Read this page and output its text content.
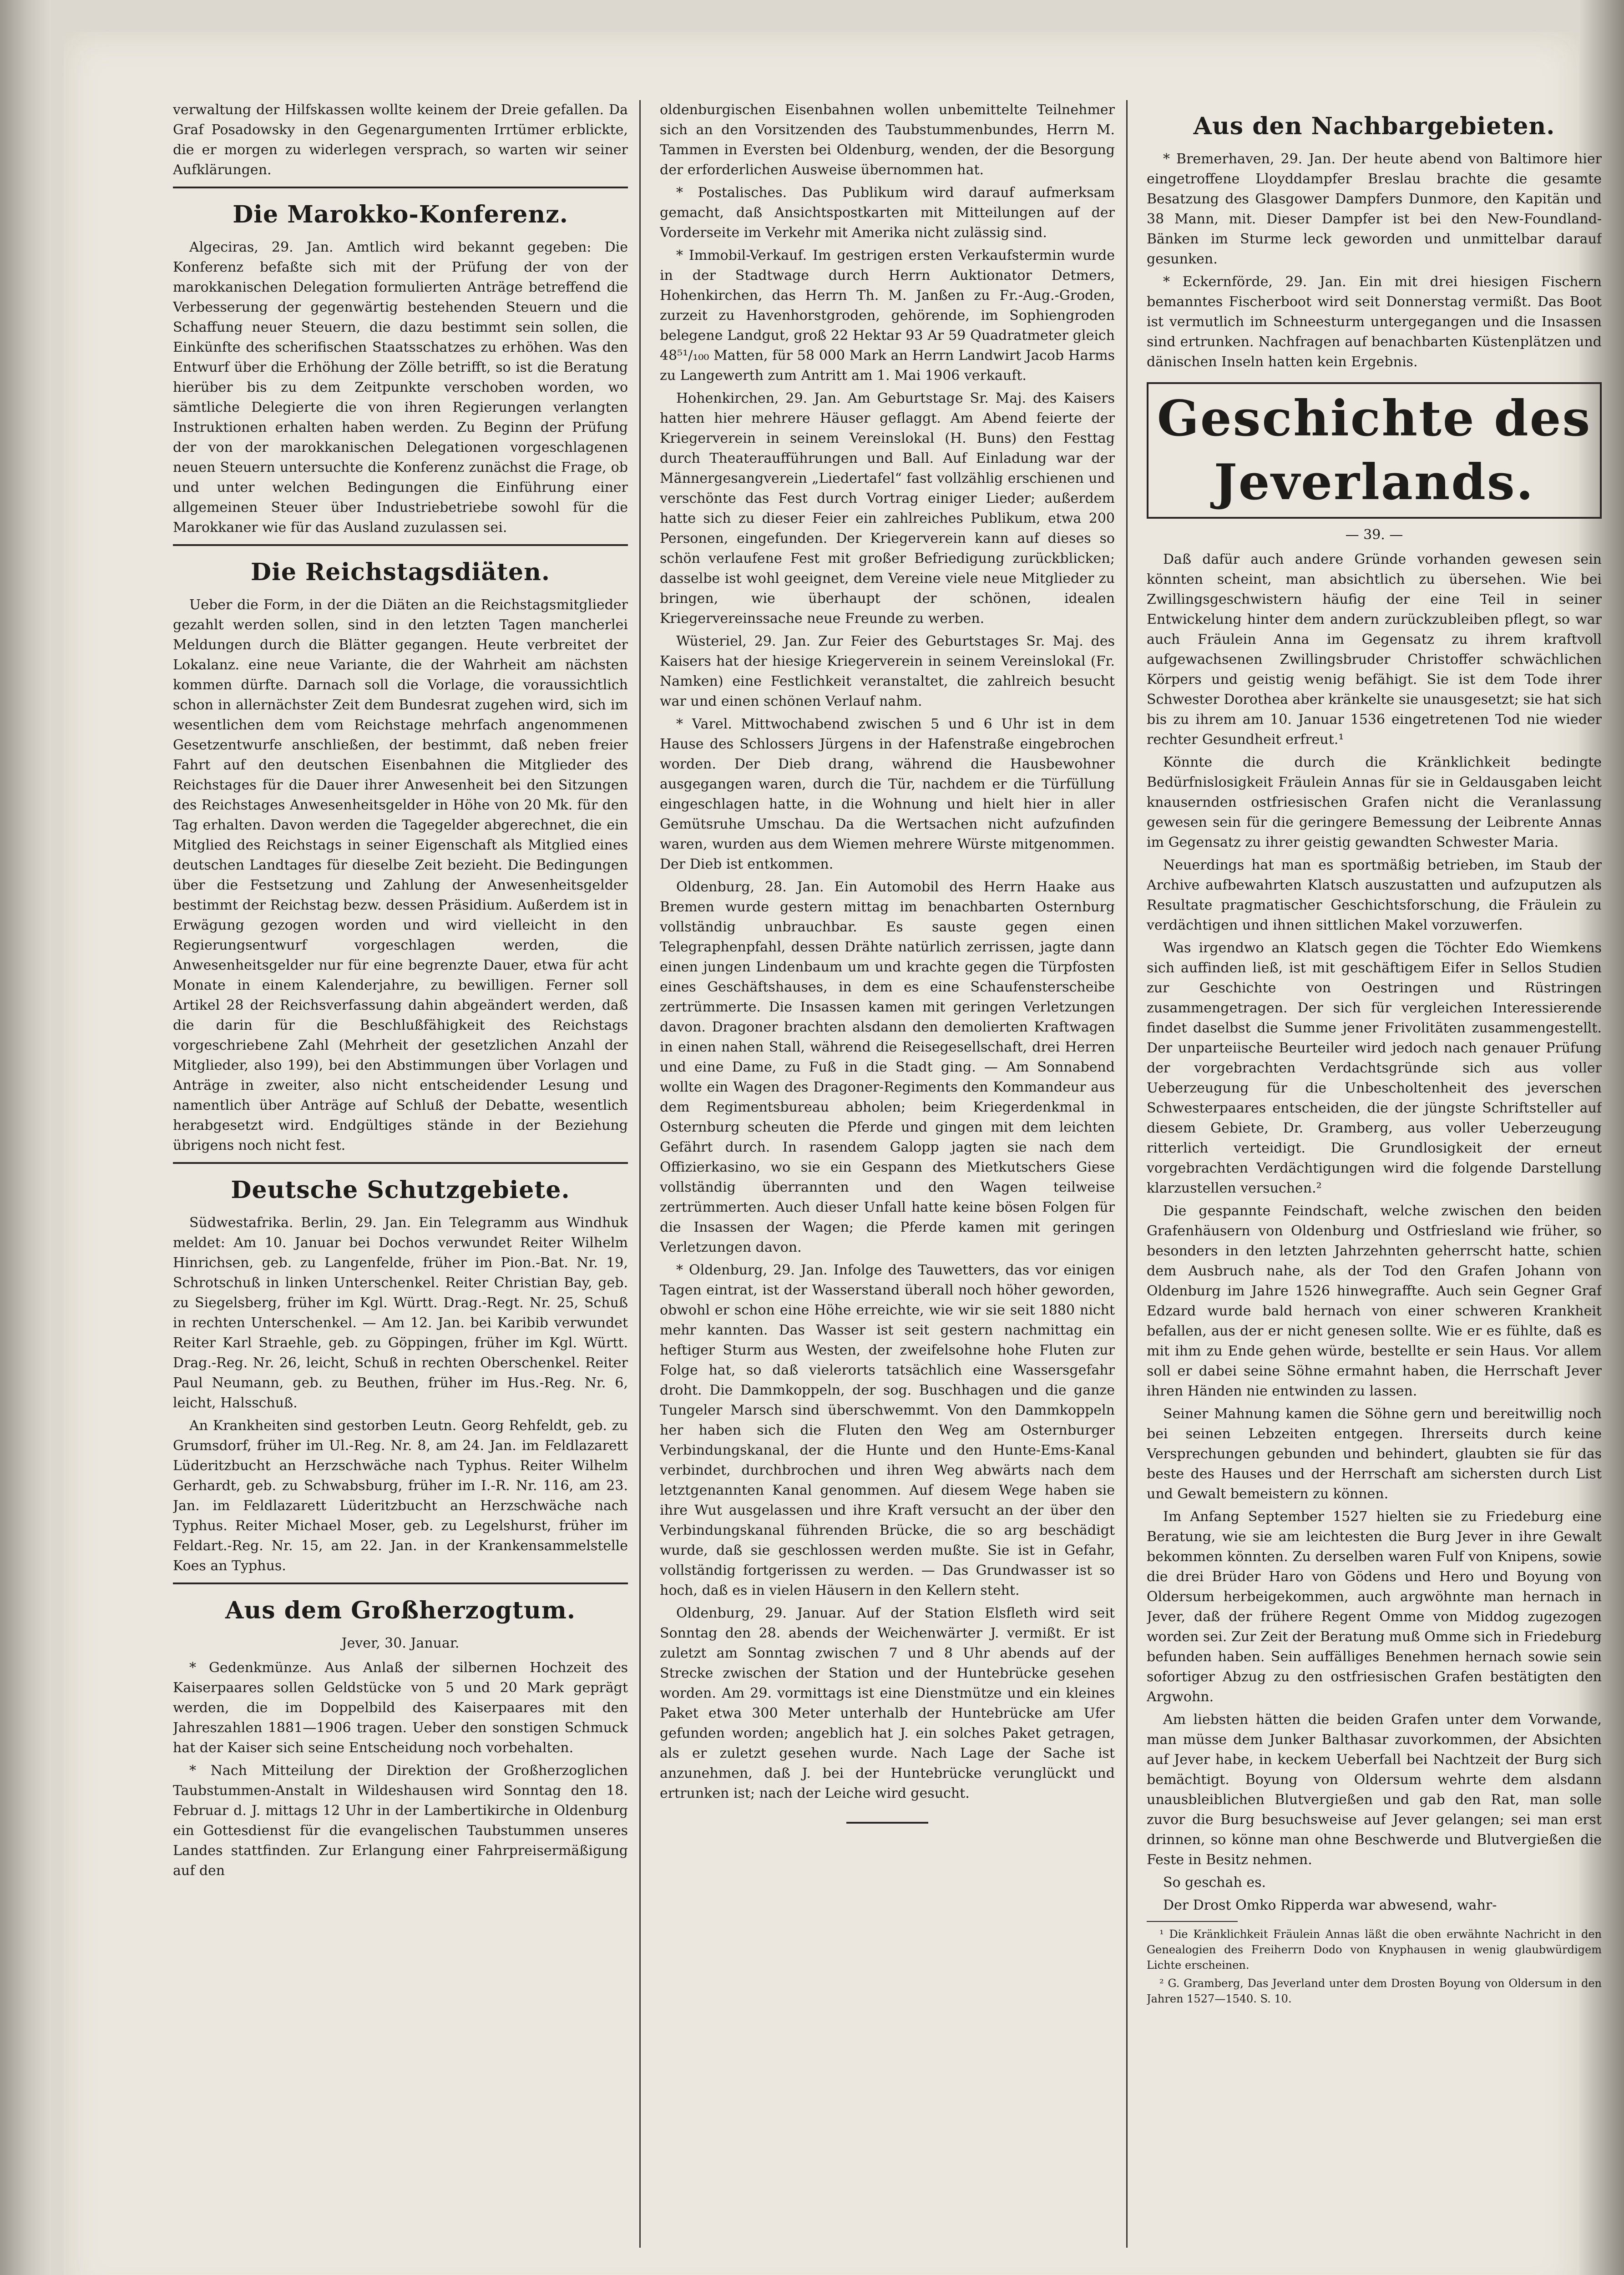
verwaltung der Hilfskassen wollte keinem der Dreie gefallen. Da Graf Posadowsky in den Gegenargumenten Irrtümer erblickte, die er morgen zu widerlegen versprach, so warten wir seiner Aufklärungen.

Die Marokko-Konferenz.

Algeciras, 29. Jan. Amtlich wird bekannt gegeben: Die Konferenz befaßte sich mit der Prüfung der von der marokkanischen Delegation formulierten Anträge betreffend die Verbesserung der gegenwärtig bestehenden Steuern und die Schaffung neuer Steuern, die dazu bestimmt sein sollen, die Einkünfte des scherifischen Staatsschatzes zu erhöhen. Was den Entwurf über die Erhöhung der Zölle betrifft, so ist die Beratung hierüber bis zu dem Zeitpunkte verschoben worden, wo sämtliche Delegierte die von ihren Regierungen verlangten Instruktionen erhalten haben werden. Zu Beginn der Prüfung der von der marokkanischen Delegationen vorgeschlagenen neuen Steuern untersuchte die Konferenz zunächst die Frage, ob und unter welchen Bedingungen die Einführung einer allgemeinen Steuer über Industriebetriebe sowohl für die Marokkaner wie für das Ausland zuzulassen sei.

Die Reichstagsdiäten.

Ueber die Form, in der die Diäten an die Reichstagsmitglieder gezahlt werden sollen, sind in den letzten Tagen mancherlei Meldungen durch die Blätter gegangen. Heute verbreitet der Lokalanz. eine neue Variante, die der Wahrheit am nächsten kommen dürfte. Darnach soll die Vorlage, die voraussichtlich schon in allernächster Zeit dem Bundesrat zugehen wird, sich im wesentlichen dem vom Reichstage mehrfach angenommenen Gesetzentwurfe anschließen, der bestimmt, daß neben freier Fahrt auf den deutschen Eisenbahnen die Mitglieder des Reichstages für die Dauer ihrer Anwesenheit bei den Sitzungen des Reichstages Anwesenheitsgelder in Höhe von 20 Mk. für den Tag erhalten. Davon werden die Tagegelder abgerechnet, die ein Mitglied des Reichstags in seiner Eigenschaft als Mitglied eines deutschen Landtages für dieselbe Zeit bezieht. Die Bedingungen über die Festsetzung und Zahlung der Anwesenheitsgelder bestimmt der Reichstag bezw. dessen Präsidium. Außerdem ist in Erwägung gezogen worden und wird vielleicht in den Regierungsentwurf vorgeschlagen werden, die Anwesenheitsgelder nur für eine begrenzte Dauer, etwa für acht Monate in einem Kalenderjahre, zu bewilligen. Ferner soll Artikel 28 der Reichsverfassung dahin abgeändert werden, daß die darin für die Beschlußfähigkeit des Reichstags vorgeschriebene Zahl (Mehrheit der gesetzlichen Anzahl der Mitglieder, also 199), bei den Abstimmungen über Vorlagen und Anträge in zweiter, also nicht entscheidender Lesung und namentlich über Anträge auf Schluß der Debatte, wesentlich herabgesetzt wird. Endgültiges stände in der Beziehung übrigens noch nicht fest.

Deutsche Schutzgebiete.

Südwestafrika. Berlin, 29. Jan. Ein Telegramm aus Windhuk meldet: Am 10. Januar bei Dochos verwundet Reiter Wilhelm Hinrichsen, geb. zu Langenfelde, früher im Pion.-Bat. Nr. 19, Schrotschuß in linken Unterschenkel. Reiter Christian Bay, geb. zu Siegelsberg, früher im Kgl. Württ. Drag.-Regt. Nr. 25, Schuß in rechten Unterschenkel. — Am 12. Jan. bei Karibib verwundet Reiter Karl Straehle, geb. zu Göppingen, früher im Kgl. Württ. Drag.-Reg. Nr. 26, leicht, Schuß in rechten Oberschenkel. Reiter Paul Neumann, geb. zu Beuthen, früher im Hus.-Reg. Nr. 6, leicht, Halsschuß.

An Krankheiten sind gestorben Leutn. Georg Rehfeldt, geb. zu Grumsdorf, früher im Ul.-Reg. Nr. 8, am 24. Jan. im Feldlazarett Lüderitzbucht an Herzschwäche nach Typhus. Reiter Wilhelm Gerhardt, geb. zu Schwabsburg, früher im I.-R. Nr. 116, am 23. Jan. im Feldlazarett Lüderitzbucht an Herzschwäche nach Typhus. Reiter Michael Moser, geb. zu Legelshurst, früher im Feldart.-Reg. Nr. 15, am 22. Jan. in der Krankensammelstelle Koes an Typhus.

Aus dem Großherzogtum.
Jever, 30. Januar.

* Gedenkmünze. Aus Anlaß der silbernen Hochzeit des Kaiserpaares sollen Geldstücke von 5 und 20 Mark geprägt werden, die im Doppelbild des Kaiserpaares mit den Jahreszahlen 1881—1906 tragen. Ueber den sonstigen Schmuck hat der Kaiser sich seine Entscheidung noch vorbehalten.

* Nach Mitteilung der Direktion der Großherzoglichen Taubstummen-Anstalt in Wildeshausen wird Sonntag den 18. Februar d. J. mittags 12 Uhr in der Lambertikirche in Oldenburg ein Gottesdienst für die evangelischen Taubstummen unseres Landes stattfinden. Zur Erlangung einer Fahrpreisermäßigung auf den

oldenburgischen Eisenbahnen wollen unbemittelte Teilnehmer sich an den Vorsitzenden des Taubstummenbundes, Herrn M. Tammen in Eversten bei Oldenburg, wenden, der die Besorgung der erforderlichen Ausweise übernommen hat.

* Postalisches. Das Publikum wird darauf aufmerksam gemacht, daß Ansichtspostkarten mit Mitteilungen auf der Vorderseite im Verkehr mit Amerika nicht zulässig sind.

* Immobil-Verkauf. Im gestrigen ersten Verkaufstermin wurde in der Stadtwage durch Herrn Auktionator Detmers, Hohenkirchen, das Herrn Th. M. Janßen zu Fr.-Aug.-Groden, zurzeit zu Havenhorstgroden, gehörende, im Sophiengroden belegene Landgut, groß 22 Hektar 93 Ar 59 Quadratmeter gleich 48⁵¹/₁₀₀ Matten, für 58 000 Mark an Herrn Landwirt Jacob Harms zu Langewerth zum Antritt am 1. Mai 1906 verkauft.

Hohenkirchen, 29. Jan. Am Geburtstage Sr. Maj. des Kaisers hatten hier mehrere Häuser geflaggt. Am Abend feierte der Kriegerverein in seinem Vereinslokal (H. Buns) den Festtag durch Theateraufführungen und Ball. Auf Einladung war der Männergesangverein „Liedertafel“ fast vollzählig erschienen und verschönte das Fest durch Vortrag einiger Lieder; außerdem hatte sich zu dieser Feier ein zahlreiches Publikum, etwa 200 Personen, eingefunden. Der Kriegerverein kann auf dieses so schön verlaufene Fest mit großer Befriedigung zurückblicken; dasselbe ist wohl geeignet, dem Vereine viele neue Mitglieder zu bringen, wie überhaupt der schönen, idealen Kriegervereinssache neue Freunde zu werben.

Wüsteriel, 29. Jan. Zur Feier des Geburtstages Sr. Maj. des Kaisers hat der hiesige Kriegerverein in seinem Vereinslokal (Fr. Namken) eine Festlichkeit veranstaltet, die zahlreich besucht war und einen schönen Verlauf nahm.

* Varel. Mittwochabend zwischen 5 und 6 Uhr ist in dem Hause des Schlossers Jürgens in der Hafenstraße eingebrochen worden. Der Dieb drang, während die Hausbewohner ausgegangen waren, durch die Tür, nachdem er die Türfüllung eingeschlagen hatte, in die Wohnung und hielt hier in aller Gemütsruhe Umschau. Da die Wertsachen nicht aufzufinden waren, wurden aus dem Wiemen mehrere Würste mitgenommen. Der Dieb ist entkommen.

Oldenburg, 28. Jan. Ein Automobil des Herrn Haake aus Bremen wurde gestern mittag im benachbarten Osternburg vollständig unbrauchbar. Es sauste gegen einen Telegraphenpfahl, dessen Drähte natürlich zerrissen, jagte dann einen jungen Lindenbaum um und krachte gegen die Türpfosten eines Geschäftshauses, in dem es eine Schaufensterscheibe zertrümmerte. Die Insassen kamen mit geringen Verletzungen davon. Dragoner brachten alsdann den demolierten Kraftwagen in einen nahen Stall, während die Reisegesellschaft, drei Herren und eine Dame, zu Fuß in die Stadt ging. — Am Sonnabend wollte ein Wagen des Dragoner-Regiments den Kommandeur aus dem Regimentsbureau abholen; beim Kriegerdenkmal in Osternburg scheuten die Pferde und gingen mit dem leichten Gefährt durch. In rasendem Galopp jagten sie nach dem Offizierkasino, wo sie ein Gespann des Mietkutschers Giese vollständig überrannten und den Wagen teilweise zertrümmerten. Auch dieser Unfall hatte keine bösen Folgen für die Insassen der Wagen; die Pferde kamen mit geringen Verletzungen davon.

* Oldenburg, 29. Jan. Infolge des Tauwetters, das vor einigen Tagen eintrat, ist der Wasserstand überall noch höher geworden, obwohl er schon eine Höhe erreichte, wie wir sie seit 1880 nicht mehr kannten. Das Wasser ist seit gestern nachmittag ein heftiger Sturm aus Westen, der zweifelsohne hohe Fluten zur Folge hat, so daß vielerorts tatsächlich eine Wassersgefahr droht. Die Dammkoppeln, der sog. Buschhagen und die ganze Tungeler Marsch sind überschwemmt. Von den Dammkoppeln her haben sich die Fluten den Weg am Osternburger Verbindungskanal, der die Hunte und den Hunte-Ems-Kanal verbindet, durchbrochen und ihren Weg abwärts nach dem letztgenannten Kanal genommen. Auf diesem Wege haben sie ihre Wut ausgelassen und ihre Kraft versucht an der über den Verbindungskanal führenden Brücke, die so arg beschädigt wurde, daß sie geschlossen werden mußte. Sie ist in Gefahr, vollständig fortgerissen zu werden. — Das Grundwasser ist so hoch, daß es in vielen Häusern in den Kellern steht.

Oldenburg, 29. Januar. Auf der Station Elsfleth wird seit Sonntag den 28. abends der Weichenwärter J. vermißt. Er ist zuletzt am Sonntag zwischen 7 und 8 Uhr abends auf der Strecke zwischen der Station und der Huntebrücke gesehen worden. Am 29. vormittags ist eine Dienstmütze und ein kleines Paket etwa 300 Meter unterhalb der Huntebrücke am Ufer gefunden worden; angeblich hat J. ein solches Paket getragen, als er zuletzt gesehen wurde. Nach Lage der Sache ist anzunehmen, daß J. bei der Huntebrücke verunglückt und ertrunken ist; nach der Leiche wird gesucht.

Aus den Nachbargebieten.

* Bremerhaven, 29. Jan. Der heute abend von Baltimore hier eingetroffene Lloyddampfer Breslau brachte die gesamte Besatzung des Glasgower Dampfers Dunmore, den Kapitän und 38 Mann, mit. Dieser Dampfer ist bei den New-Foundland-Bänken im Sturme leck geworden und unmittelbar darauf gesunken.

* Eckernförde, 29. Jan. Ein mit drei hiesigen Fischern bemanntes Fischerboot wird seit Donnerstag vermißt. Das Boot ist vermutlich im Schneesturm untergegangen und die Insassen sind ertrunken. Nachfragen auf benachbarten Küstenplätzen und dänischen Inseln hatten kein Ergebnis.

Geschichte des Jeverlands.
— 39. —

Daß dafür auch andere Gründe vorhanden gewesen sein könnten scheint, man absichtlich zu übersehen. Wie bei Zwillingsgeschwistern häufig der eine Teil in seiner Entwickelung hinter dem andern zurückzubleiben pflegt, so war auch Fräulein Anna im Gegensatz zu ihrem kraftvoll aufgewachsenen Zwillingsbruder Christoffer schwächlichen Körpers und geistig wenig befähigt. Sie ist dem Tode ihrer Schwester Dorothea aber kränkelte sie unausgesetzt; sie hat sich bis zu ihrem am 10. Januar 1536 eingetretenen Tod nie wieder rechter Gesundheit erfreut.¹

Könnte die durch die Kränklichkeit bedingte Bedürfnislosigkeit Fräulein Annas für sie in Geldausgaben leicht knausernden ostfriesischen Grafen nicht die Veranlassung gewesen sein für die geringere Bemessung der Leibrente Annas im Gegensatz zu ihrer geistig gewandten Schwester Maria.

Neuerdings hat man es sportmäßig betrieben, im Staub der Archive aufbewahrten Klatsch auszustatten und aufzuputzen als Resultate pragmatischer Geschichtsforschung, die Fräulein zu verdächtigen und ihnen sittlichen Makel vorzuwerfen.

Was irgendwo an Klatsch gegen die Töchter Edo Wiemkens sich auffinden ließ, ist mit geschäftigem Eifer in Sellos Studien zur Geschichte von Oestringen und Rüstringen zusammengetragen. Der sich für vergleichen Interessierende findet daselbst die Summe jener Frivolitäten zusammengestellt. Der unparteiische Beurteiler wird jedoch nach genauer Prüfung der vorgebrachten Verdachtsgründe sich aus voller Ueberzeugung für die Unbescholtenheit des jeverschen Schwesterpaares entscheiden, die der jüngste Schriftsteller auf diesem Gebiete, Dr. Gramberg, aus voller Ueberzeugung ritterlich verteidigt. Die Grundlosigkeit der erneut vorgebrachten Verdächtigungen wird die folgende Darstellung klarzustellen versuchen.²

Die gespannte Feindschaft, welche zwischen den beiden Grafenhäusern von Oldenburg und Ostfriesland wie früher, so besonders in den letzten Jahrzehnten geherrscht hatte, schien dem Ausbruch nahe, als der Tod den Grafen Johann von Oldenburg im Jahre 1526 hinwegraffte. Auch sein Gegner Graf Edzard wurde bald hernach von einer schweren Krankheit befallen, aus der er nicht genesen sollte. Wie er es fühlte, daß es mit ihm zu Ende gehen würde, bestellte er sein Haus. Vor allem soll er dabei seine Söhne ermahnt haben, die Herrschaft Jever ihren Händen nie entwinden zu lassen.

Seiner Mahnung kamen die Söhne gern und bereitwillig noch bei seinen Lebzeiten entgegen. Ihrerseits durch keine Versprechungen gebunden und behindert, glaubten sie für das beste des Hauses und der Herrschaft am sichersten durch List und Gewalt bemeistern zu können.

Im Anfang September 1527 hielten sie zu Friedeburg eine Beratung, wie sie am leichtesten die Burg Jever in ihre Gewalt bekommen könnten. Zu derselben waren Fulf von Knipens, sowie die drei Brüder Haro von Gödens und Hero und Boyung von Oldersum herbeigekommen, auch argwöhnte man hernach in Jever, daß der frühere Regent Omme von Middog zugezogen worden sei. Zur Zeit der Beratung muß Omme sich in Friedeburg befunden haben. Sein auffälliges Benehmen hernach sowie sein sofortiger Abzug zu den ostfriesischen Grafen bestätigten den Argwohn.

Am liebsten hätten die beiden Grafen unter dem Vorwande, man müsse dem Junker Balthasar zuvorkommen, der Absichten auf Jever habe, in keckem Ueberfall bei Nachtzeit der Burg sich bemächtigt. Boyung von Oldersum wehrte dem alsdann unausbleiblichen Blutvergießen und gab den Rat, man solle zuvor die Burg besuchsweise auf Jever gelangen; sei man erst drinnen, so könne man ohne Beschwerde und Blutvergießen die Feste in Besitz nehmen.

So geschah es.

Der Drost Omko Ripperda war abwesend, wahr-

¹ Die Kränklichkeit Fräulein Annas läßt die oben erwähnte Nachricht in den Genealogien des Freiherrn Dodo von Knyphausen in wenig glaubwürdigem Lichte erscheinen.

² G. Gramberg, Das Jeverland unter dem Drosten Boyung von Oldersum in den Jahren 1527—1540. S. 10.
